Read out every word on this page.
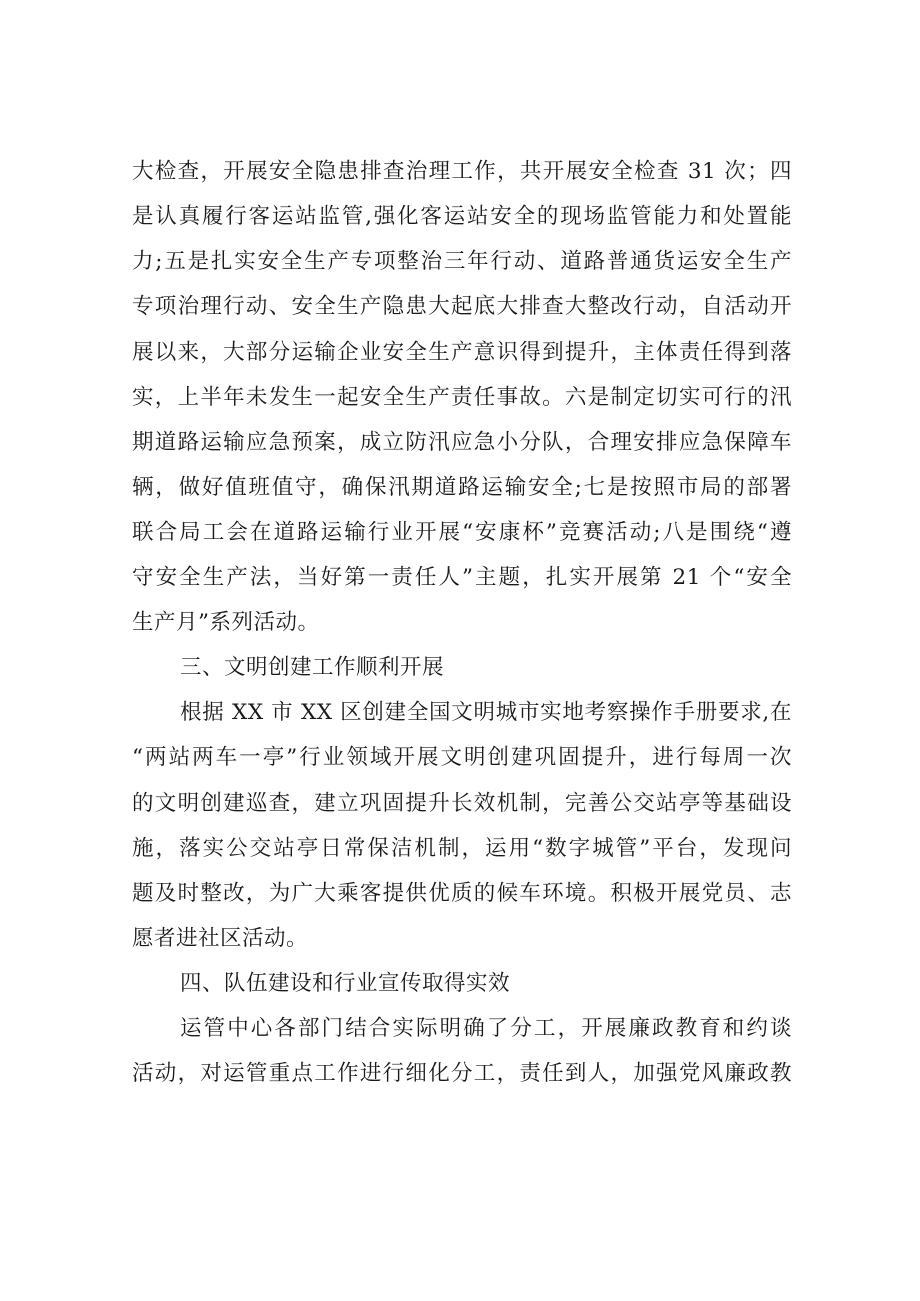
大检查，开展安全隐患排查治理工作，共开展安全检查 31 次；四
是认真履行客运站监管,强化客运站安全的现场监管能力和处置能
力;五是扎实安全生产专项整治三年行动、道路普通货运安全生产
专项治理行动、安全生产隐患大起底大排查大整改行动，自活动开
展以来，大部分运输企业安全生产意识得到提升，主体责任得到落
实，上半年未发生一起安全生产责任事故。六是制定切实可行的汛
期道路运输应急预案，成立防汛应急小分队，合理安排应急保障车
辆，做好值班值守，确保汛期道路运输安全;七是按照市局的部署
联合局工会在道路运输行业开展“安康杯”竞赛活动;八是围绕“遵
守安全生产法，当好第一责任人”主题，扎实开展第 21 个“安全
生产月”系列活动。
三、文明创建工作顺利开展
根据 XX 市 XX 区创建全国文明城市实地考察操作手册要求,在
“两站两车一亭”行业领域开展文明创建巩固提升，进行每周一次
的文明创建巡查，建立巩固提升长效机制，完善公交站亭等基础设
施，落实公交站亭日常保洁机制，运用“数字城管”平台，发现问
题及时整改，为广大乘客提供优质的候车环境。积极开展党员、志
愿者进社区活动。
四、队伍建设和行业宣传取得实效
运管中心各部门结合实际明确了分工，开展廉政教育和约谈
活动，对运管重点工作进行细化分工，责任到人，加强党风廉政教
